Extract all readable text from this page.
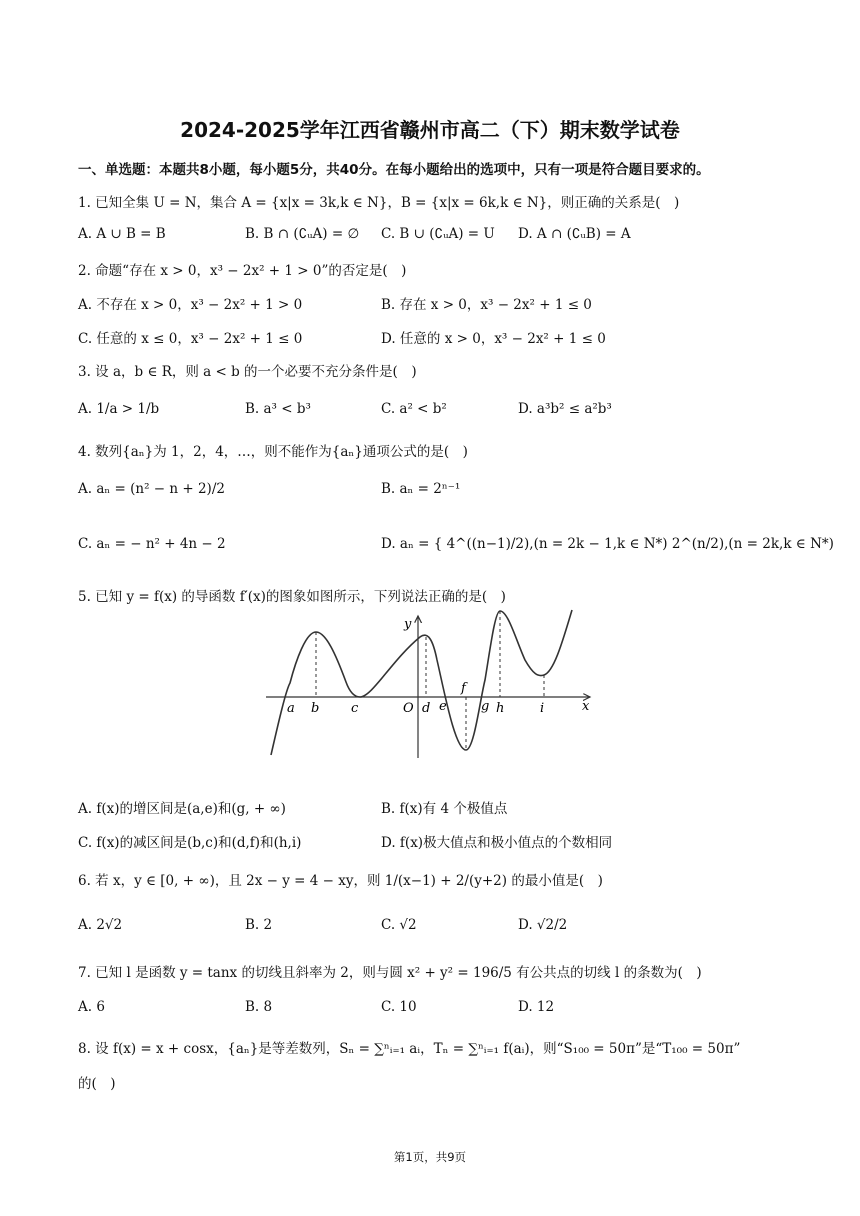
2024-2025学年江西省赣州市高二（下）期末数学试卷
一、单选题：本题共8小题，每小题5分，共40分。在每小题给出的选项中，只有一项是符合题目要求的。
1. 已知全集 U = N，集合 A = {x|x = 3k,k ∈ N}，B = {x|x = 6k,k ∈ N}，则正确的关系是(　)
A. A ∪ B = B	B. B ∩ (∁ᵤA) = ∅ C. B ∪ (∁ᵤA) = U D. A ∩ (∁ᵤB) = A
2. 命题“存在 x > 0，x³ − 2x² + 1 > 0”的否定是(　)
A. 不存在 x > 0，x³ − 2x² + 1 > 0	B. 存在 x > 0，x³ − 2x² + 1 ≤ 0
C. 任意的 x ≤ 0，x³ − 2x² + 1 ≤ 0	D. 任意的 x > 0，x³ − 2x² + 1 ≤ 0
3. 设 a，b ∈ R，则 a < b 的一个必要不充分条件是(　)
A. 1/a > 1/b	B. a³ < b³	C. a² < b²	D. a³b² ≤ a²b³
4. 数列{aₙ}为 1，2，4，…，则不能作为{aₙ}通项公式的是(　)
A. aₙ = (n² − n + 2)/2	B. aₙ = 2ⁿ⁻¹
C. aₙ = − n² + 4n − 2	D. aₙ = { 4^((n−1)/2),(n = 2k − 1,k ∈ N*) 2^(n/2),(n = 2k,k ∈ N*)
5. 已知 y = f(x) 的导函数 f′(x)的图象如图所示，下列说法正确的是(　)
y
x
O
a b c	d e
f
g h	i
A. f(x)的增区间是(a,e)和(g, + ∞)	B. f(x)有 4 个极值点
C. f(x)的减区间是(b,c)和(d,f)和(h,i)	D. f(x)极大值点和极小值点的个数相同
6. 若 x，y ∈ [0, + ∞)，且 2x − y = 4 − xy，则 1/(x−1) + 2/(y+2) 的最小值是(　)
A. 2√2	B. 2	C. √2	D. √2/2
7. 已知 l 是函数 y = tanx 的切线且斜率为 2，则与圆 x² + y² = 196/5 有公共点的切线 l 的条数为(　)
A. 6	B. 8	C. 10	D. 12
8. 设 f(x) = x + cosx，{aₙ}是等差数列，Sₙ = ∑ⁿᵢ₌₁ aᵢ，Tₙ = ∑ⁿᵢ₌₁ f(aᵢ)，则“S₁₀₀ = 50π”是“T₁₀₀ = 50π”
的(　)
第1页，共9页
